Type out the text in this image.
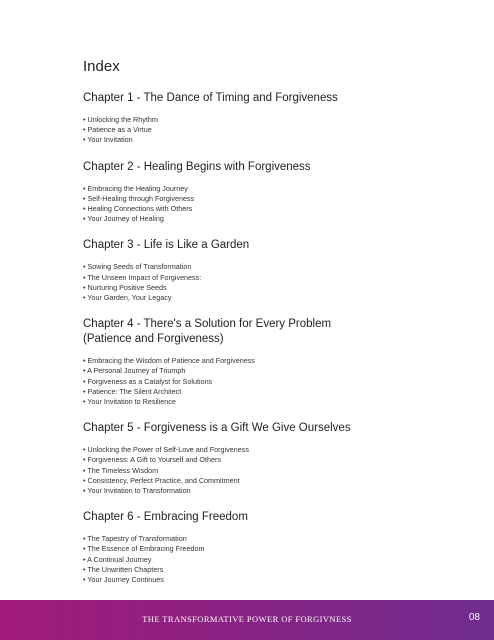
Index
Chapter 1 - The Dance of Timing and Forgiveness
• Unlocking the Rhythm
• Patience as a Virtue
• Your Invitation
Chapter 2 - Healing Begins with Forgiveness
• Embracing the Healing Journey
• Self-Healing through Forgiveness
• Healing Connections with Others
• Your Journey of Healing
Chapter 3 - Life is Like a Garden
• Sowing Seeds of Transformation
• The Unseen Impact of Forgiveness:
• Nurturing Positive Seeds
• Your Garden, Your Legacy
Chapter 4 - There's a Solution for Every Problem (Patience and Forgiveness)
• Embracing the Wisdom of Patience and Forgiveness
• A Personal Journey of Triumph
• Forgiveness as a Catalyst for Solutions
• Patience: The Silent Architect
• Your Invitation to Resilience
Chapter 5 - Forgiveness is a Gift We Give Ourselves
• Unlocking the Power of Self-Love and Forgiveness
• Forgiveness: A Gift to Yourself and Others
• The Timeless Wisdom
• Consistency, Perfect Practice, and Commitment
• Your Invitation to Transformation
Chapter 6 - Embracing Freedom
• The Tapestry of Transformation
• The Essence of Embracing Freedom
• A Continual Journey
• The Unwritten Chapters
• Your Journey Continues
THE TRANSFORMATIVE POWER OF FORGIVNESS	08
